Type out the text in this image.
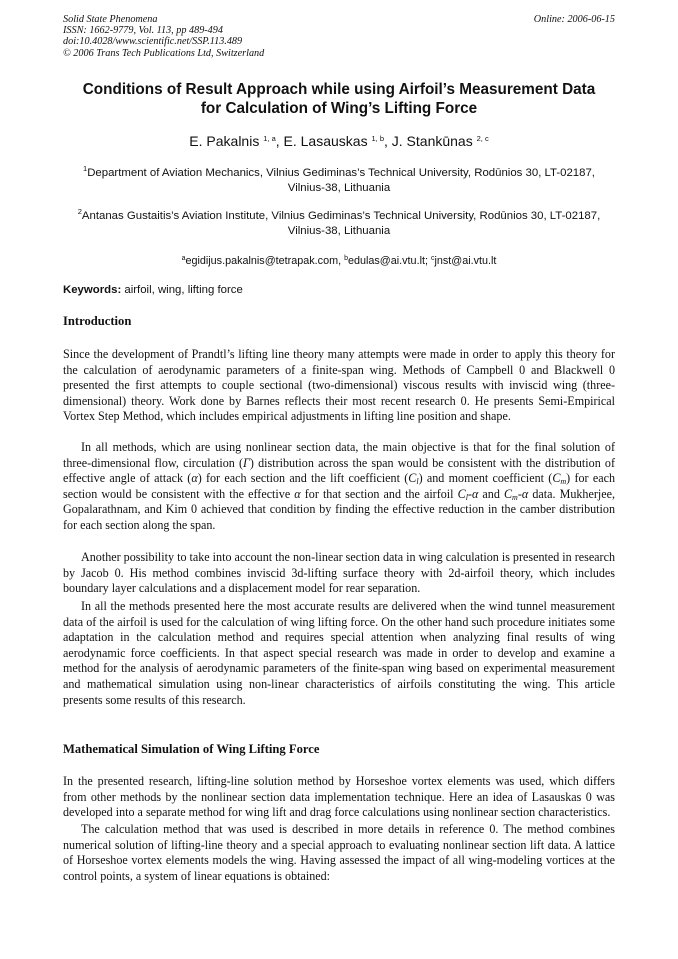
Solid State Phenomena
ISSN: 1662-9779, Vol. 113, pp 489-494
doi:10.4028/www.scientific.net/SSP.113.489
© 2006 Trans Tech Publications Ltd, Switzerland
Online: 2006-06-15
Conditions of Result Approach while using Airfoil’s Measurement Data
for Calculation of Wing’s Lifting Force
E. Pakalnis $^{1, a}$, E. Lasauskas $^{1, b}$, J. Stankūnas $^{2, c}$
$^1$Department of Aviation Mechanics, Vilnius Gediminas’s Technical University, Rodūnios 30, LT-02187, Vilnius-38, Lithuania
$^2$Antanas Gustaitis’s Aviation Institute, Vilnius Gediminas’s Technical University, Rodūnios 30, LT-02187, Vilnius-38, Lithuania
$^a$egidijus.pakalnis@tetrapak.com, $^b$edulas@ai.vtu.lt; $^c$jnst@ai.vtu.lt
Keywords: airfoil, wing, lifting force
Introduction

Since the development of Prandtl’s lifting line theory many attempts were made in order to apply this theory for the calculation of aerodynamic parameters of a finite-span wing. Methods of Campbell 0 and Blackwell 0 presented the first attempts to couple sectional (two-dimensional) viscous results with inviscid wing (three-dimensional) theory. Work done by Barnes reflects their most recent research 0. He presents Semi-Empirical Vortex Step Method, which includes empirical adjustments in lifting line position and shape.

In all methods, which are using nonlinear section data, the main objective is that for the final solution of three-dimensional flow, circulation (Γ) distribution across the span would be consistent with the distribution of effective angle of attack (α) for each section and the lift coefficient $(C_l)$ and moment coefficient $(C_m)$ for each section would be consistent with the effective α for that section and the airfoil $C_l-\alpha$ and $C_m-\alpha$ data. Mukherjee, Gopalarathnam, and Kim 0 achieved that condition by finding the effective reduction in the camber distribution for each section along the span.

Another possibility to take into account the non-linear section data in wing calculation is presented in research by Jacob 0. His method combines inviscid 3d-lifting surface theory with 2d-airfoil theory, which includes boundary layer calculations and a displacement model for rear separation.

In all the methods presented here the most accurate results are delivered when the wind tunnel measurement data of the airfoil is used for the calculation of wing lifting force. On the other hand such procedure initiates some adaptation in the calculation method and requires special attention when analyzing final results of wing aerodynamic force coefficients. In that aspect special research was made in order to develop and examine a method for the analysis of aerodynamic parameters of the finite-span wing based on experimental measurement and mathematical simulation using non-linear characteristics of airfoils constituting the wing. This article presents some results of this research.

Mathematical Simulation of Wing Lifting Force

In the presented research, lifting-line solution method by Horseshoe vortex elements was used, which differs from other methods by the nonlinear section data implementation technique. Here an idea of Lasauskas 0 was developed into a separate method for wing lift and drag force calculations using nonlinear section characteristics.

The calculation method that was used is described in more details in reference 0. The method combines numerical solution of lifting-line theory and a special approach to evaluating nonlinear section lift data. A lattice of Horseshoe vortex elements models the wing. Having assessed the impact of all wing-modeling vortices at the control points, a system of linear equations is obtained:
